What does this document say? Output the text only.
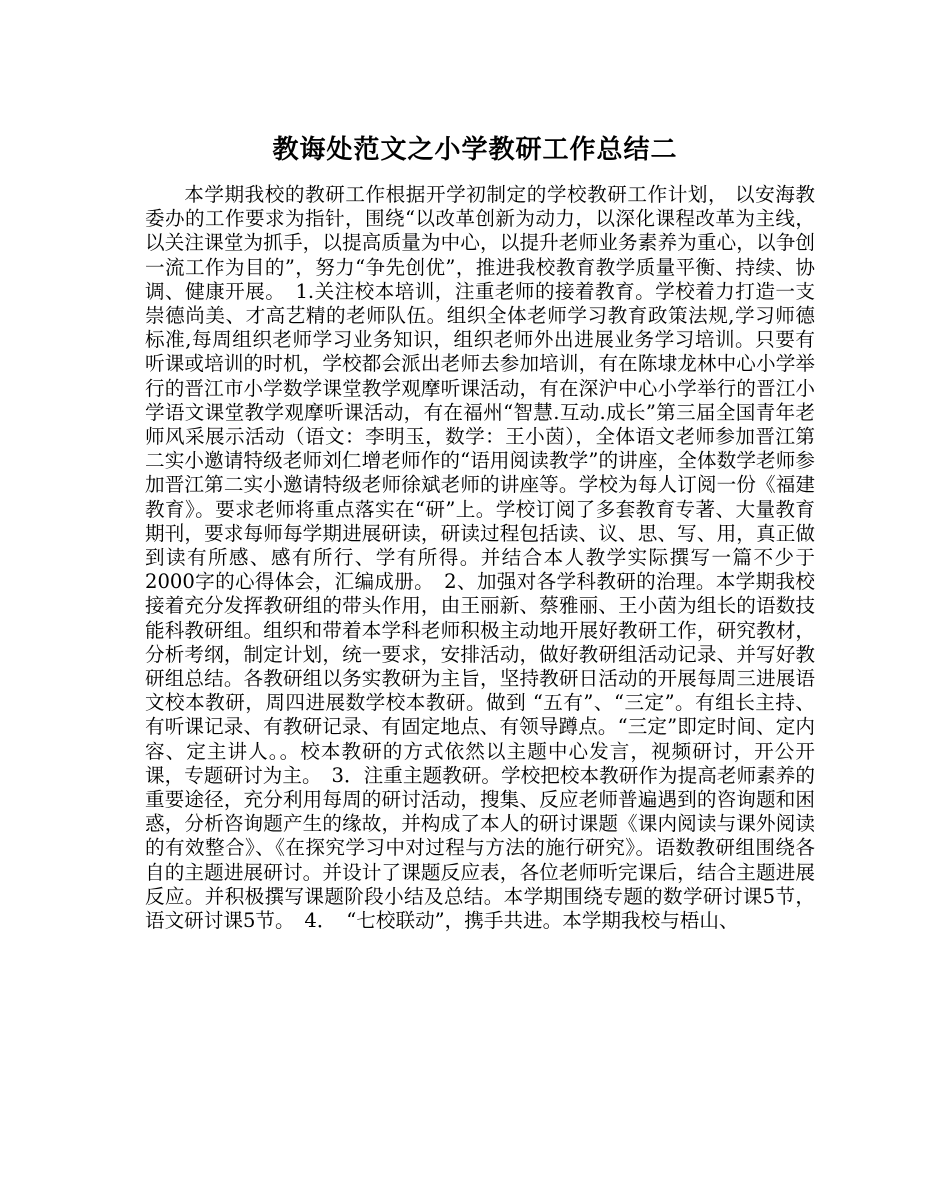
教诲处范文之小学教研工作总结二

本学期我校的教研工作根据开学初制定的学校教研工作计划， 以安海教委办的工作要求为指针，围绕“以改革创新为动力，以深化课程改革为主线，以关注课堂为抓手，以提高质量为中心，以提升老师业务素养为重心，以争创一流工作为目的”，努力“争先创优”，推进我校教育教学质量平衡、持续、协调、健康开展。　1.关注校本培训，注重老师的接着教育。学校着力打造一支崇德尚美、才高艺精的老师队伍。组织全体老师学习教育政策法规,学习师德标准,每周组织老师学习业务知识，组织老师外出进展业务学习培训。只要有听课或培训的时机，学校都会派出老师去参加培训，有在陈埭龙林中心小学举行的晋江市小学数学课堂教学观摩听课活动，有在深沪中心小学举行的晋江小学语文课堂教学观摩听课活动，有在福州“智慧.互动.成长”第三届全国青年老师风采展示活动（语文：李明玉，数学：王小茵），全体语文老师参加晋江第二实小邀请特级老师刘仁增老师作的“语用阅读教学”的讲座，全体数学老师参加晋江第二实小邀请特级老师徐斌老师的讲座等。学校为每人订阅一份《福建教育》。要求老师将重点落实在“研”上。学校订阅了多套教育专著、大量教育期刊，要求每师每学期进展研读，研读过程包括读、议、思、写、用，真正做到读有所感、感有所行、学有所得。并结合本人教学实际撰写一篇不少于2000字的心得体会，汇编成册。　2、加强对各学科教研的治理。本学期我校接着充分发挥教研组的带头作用，由王丽新、蔡雅丽、王小茵为组长的语数技能科教研组。组织和带着本学科老师积极主动地开展好教研工作，研究教材，分析考纲，制定计划，统一要求，安排活动，做好教研组活动记录、并写好教研组总结。各教研组以务实教研为主旨，坚持教研日活动的开展每周三进展语文校本教研，周四进展数学校本教研。做到 “五有”、“三定”。有组长主持、有听课记录、有教研记录、有固定地点、有领导蹲点。“三定”即定时间、定内容、定主讲人。。校本教研的方式依然以主题中心发言，视频研讨，开公开课，专题研讨为主。　3．注重主题教研。学校把校本教研作为提高老师素养的重要途径，充分利用每周的研讨活动，搜集、反应老师普遍遇到的咨询题和困惑，分析咨询题产生的缘故，并构成了本人的研讨课题《课内阅读与课外阅读的有效整合》、《在探究学习中对过程与方法的施行研究》。语数教研组围绕各自的主题进展研讨。并设计了课题反应表，各位老师听完课后，结合主题进展反应。并积极撰写课题阶段小结及总结。本学期围绕专题的数学研讨课5节，语文研讨课5节。　4．　“七校联动”，携手共进。本学期我校与梧山、
